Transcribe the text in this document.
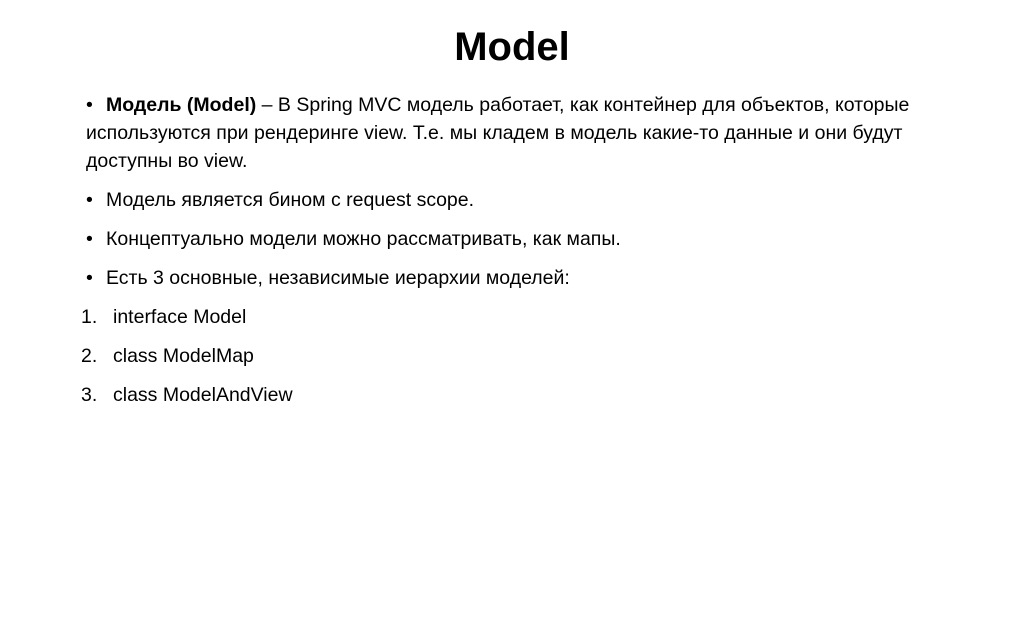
Model

• Модель (Model) – В Spring MVC модель работает, как контейнер для объектов, которые используются при рендеринге view. Т.е. мы кладем в модель какие-то данные и они будут доступны во view.

• Модель является бином с request scope.

• Концептуально модели можно рассматривать, как мапы.

• Есть 3 основные, независимые иерархии моделей:

1. interface Model

2. class ModelMap

3. class ModelAndView
